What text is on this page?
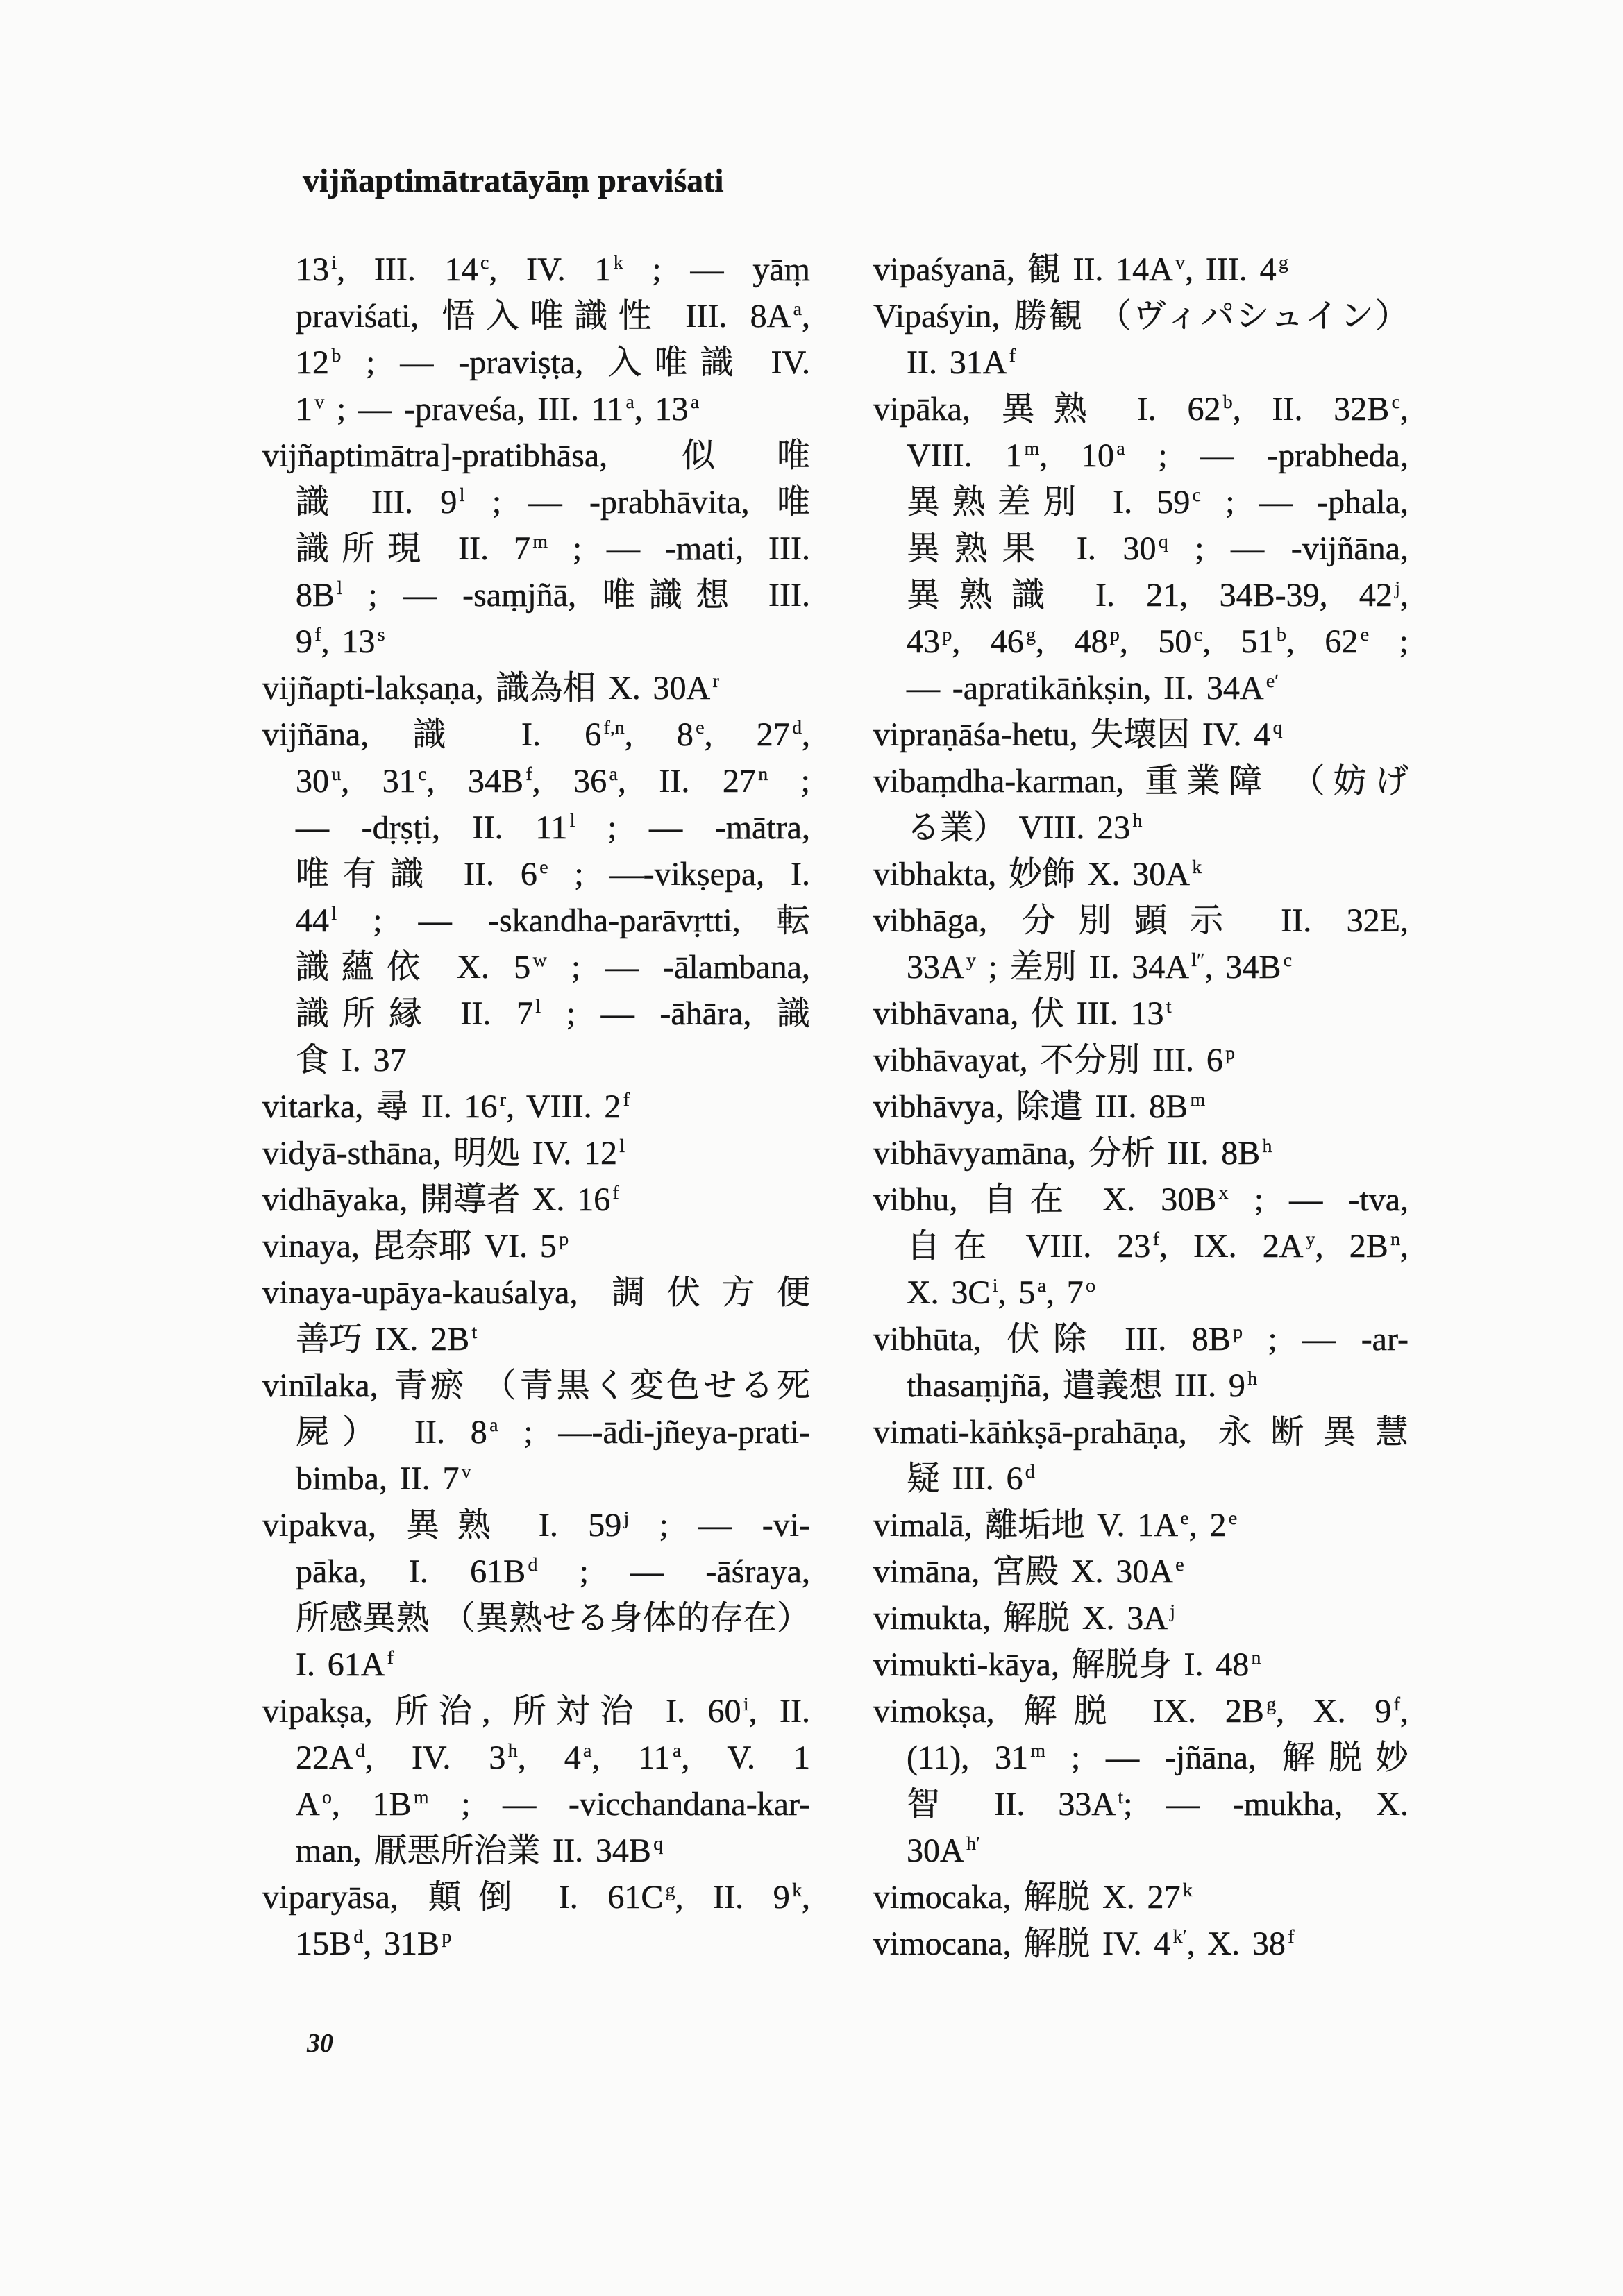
vijñaptimātratāyāṃ praviśati
13 $^i$, III. 14 $^c$, IV. 1 $^k$ ; — yāṃ
praviśati, 悟入唯識性 III. 8A $^a$,
12 $^b$ ; — -praviṣṭa, 入唯識 IV.
1 $^v$ ; — -praveśa, III. 11 $^a$, 13 $^a$
vijñaptimātra]-pratibhāsa, 似唯
識 III. 9 $^l$ ; — -prabhāvita, 唯
識所現 II. 7 $^m$ ; — -mati, III.
8B $^l$ ; — -saṃjñā, 唯識想 III.
9 $^f$, 13 $^s$
vijñapti-lakṣaṇa, 識為相 X. 30A $^r$
vijñāna, 識 I. 6 $^{f,n}$, 8 $^e$, 27 $^d$,
30 $^u$, 31 $^c$, 34B $^f$, 36 $^a$, II. 27 $^n$ ;
— -dṛṣṭi, II. 11 $^l$ ; — -mātra,
唯有識 II. 6 $^e$ ; —-vikṣepa, I.
44 $^l$ ; — -skandha-parāvṛtti, 転
識蘊依 X. 5 $^w$ ; — -ālambana,
識所縁 II. 7 $^l$ ; — -āhāra, 識
食 I. 37
vitarka, 尋 II. 16 $^r$, VIII. 2 $^f$
vidyā-sthāna, 明処 IV. 12 $^l$
vidhāyaka, 開導者 X. 16 $^f$
vinaya, 毘奈耶 VI. 5 $^p$
vinaya-upāya-kauśalya, 調伏方便
善巧 IX. 2B $^t$
vinīlaka, 青瘀 （青黒く変色せる死
屍） II. 8 $^a$ ; —-ādi-jñeya-prati-
bimba, II. 7 $^v$
vipakva, 異熟 I. 59 $^j$ ; — -vi-
pāka, I. 61B $^d$ ; — -āśraya,
所感異熟 （異熟せる身体的存在）
I. 61A $^f$
vipakṣa, 所治, 所対治 I. 60 $^i$, II.
22A $^d$, IV. 3 $^h$, 4 $^a$, 11 $^a$, V. 1
A $^o$, 1B $^m$ ; — -vicchandana-kar-
man, 厭悪所治業 II. 34B $^q$
viparyāsa, 顛倒 I. 61C $^g$, II. 9 $^k$,
15B $^d$, 31B $^p$
vipaśyanā, 観 II. 14A $^v$, III. 4 $^g$
Vipaśyin, 勝観 （ヴィパシュイン）
II. 31A $^f$
vipāka, 異熟 I. 62 $^b$, II. 32B $^c$,
VIII. 1 $^m$, 10 $^a$ ; — -prabheda,
異熟差別 I. 59 $^c$ ; — -phala,
異熟果 I. 30 $^q$ ; — -vijñāna,
異熟識 I. 21, 34B-39, 42 $^j$,
43 $^p$, 46 $^g$, 48 $^p$, 50 $^c$, 51 $^b$, 62 $^e$ ;
— -apratikāṅkṣin, II. 34A $^{e'}$
vipraṇāśa-hetu, 失壊因 IV. 4 $^q$
vibaṃdha-karman, 重業障 （妨げ
る業） VIII. 23 $^h$
vibhakta, 妙飾 X. 30A $^k$
vibhāga, 分別顕示 II. 32E,
33A $^y$ ; 差別 II. 34A $^{l''}$, 34B $^c$
vibhāvana, 伏 III. 13 $^t$
vibhāvayat, 不分別 III. 6 $^p$
vibhāvya, 除遣 III. 8B $^m$
vibhāvyamāna, 分析 III. 8B $^h$
vibhu, 自在 X. 30B $^x$ ; — -tva,
自在 VIII. 23 $^f$, IX. 2A $^y$, 2B $^n$,
X. 3C $^i$, 5 $^a$, 7 $^o$
vibhūta, 伏除 III. 8B $^p$ ; — -ar-
thasaṃjñā, 遣義想 III. 9 $^h$
vimati-kāṅkṣā-prahāṇa, 永断異慧
疑 III. 6 $^d$
vimalā, 離垢地 V. 1A $^e$, 2 $^e$
vimāna, 宮殿 X. 30A $^e$
vimukta, 解脱 X. 3A $^j$
vimukti-kāya, 解脱身 I. 48 $^n$
vimokṣa, 解脱 IX. 2B $^g$, X. 9 $^f$,
(11), 31 $^m$ ; — -jñāna, 解脱妙
智 II. 33A $^t$; — -mukha, X.
30A $^{h'}$
vimocaka, 解脱 X. 27 $^k$
vimocana, 解脱 IV. 4 $^{k'}$, X. 38 $^f$
30
